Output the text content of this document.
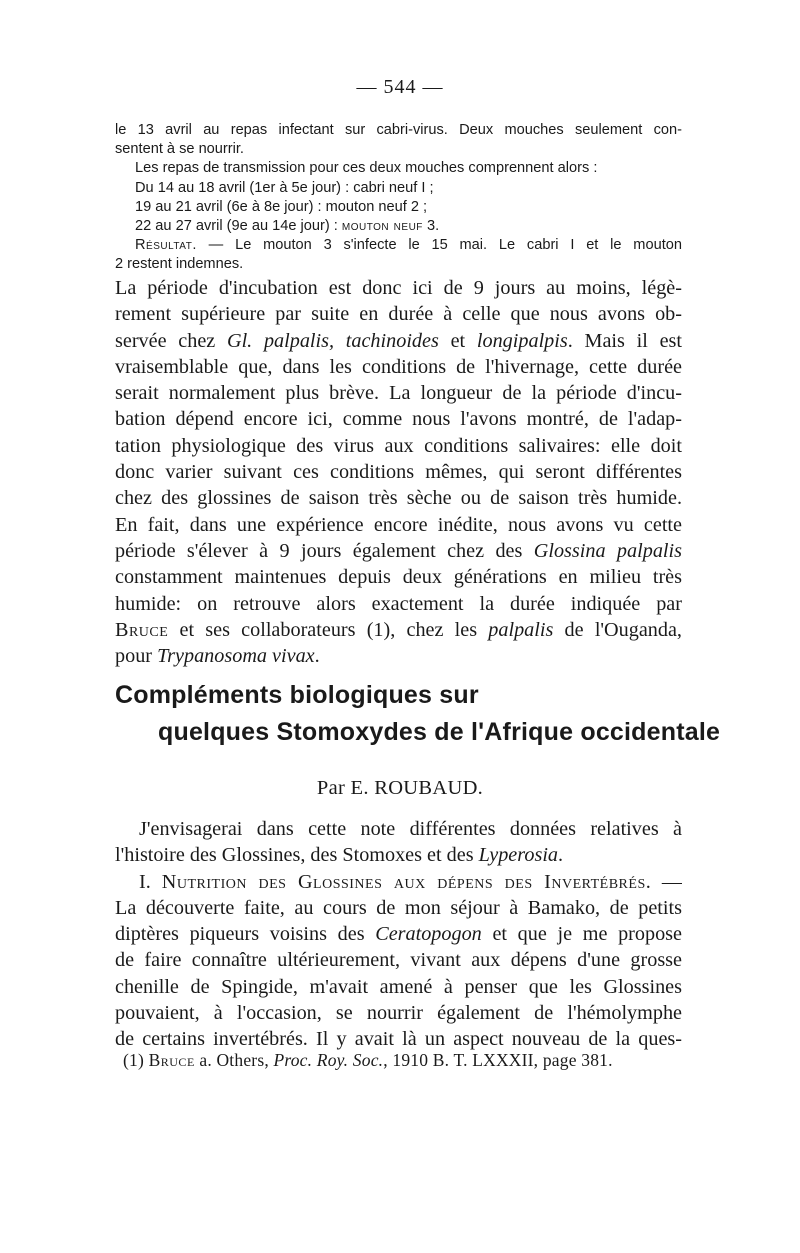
— 544 —

le 13 avril au repas infectant sur cabri-virus. Deux mouches seulement con-

sentent à se nourrir.

Les repas de transmission pour ces deux mouches comprennent alors :

Du 14 au 18 avril (1er à 5e jour) : cabri neuf I ;

19 au 21 avril (6e à 8e jour) : mouton neuf 2 ;

22 au 27 avril (9e au 14e jour) : mouton neuf 3.

Résultat. — Le mouton 3 s'infecte le 15 mai. Le cabri I et le mouton

2 restent indemnes.

La période d'incubation est donc ici de 9 jours au moins, légè-
rement supérieure par suite en durée à celle que nous avons ob-
servée chez Gl. palpalis, tachinoides et longipalpis. Mais il est
vraisemblable que, dans les conditions de l'hivernage, cette durée
serait normalement plus brève. La longueur de la période d'incu-
bation dépend encore ici, comme nous l'avons montré, de l'adap-
tation physiologique des virus aux conditions salivaires: elle doit
donc varier suivant ces conditions mêmes, qui seront différentes
chez des glossines de saison très sèche ou de saison très humide.
En fait, dans une expérience encore inédite, nous avons vu cette
période s'élever à 9 jours également chez des Glossina palpalis
constamment maintenues depuis deux générations en milieu très
humide: on retrouve alors exactement la durée indiquée par
Bruce et ses collaborateurs (1), chez les palpalis de l'Ouganda,
pour Trypanosoma vivax.
Compléments biologiques sur
quelques Stomoxydes de l'Afrique occidentale
Par E. ROUBAUD.
J'envisagerai dans cette note différentes données relatives à
l'histoire des Glossines, des Stomoxes et des Lyperosia.
I. Nutrition des Glossines aux dépens des Invertébrés. —
La découverte faite, au cours de mon séjour à Bamako, de petits
diptères piqueurs voisins des Ceratopogon et que je me propose
de faire connaître ultérieurement, vivant aux dépens d'une grosse
chenille de Spingide, m'avait amené à penser que les Glossines
pouvaient, à l'occasion, se nourrir également de l'hémolymphe
de certains invertébrés. Il y avait là un aspect nouveau de la ques-
(1) Bruce a. Others, Proc. Roy. Soc., 1910 B. T. LXXXII, page 381.
